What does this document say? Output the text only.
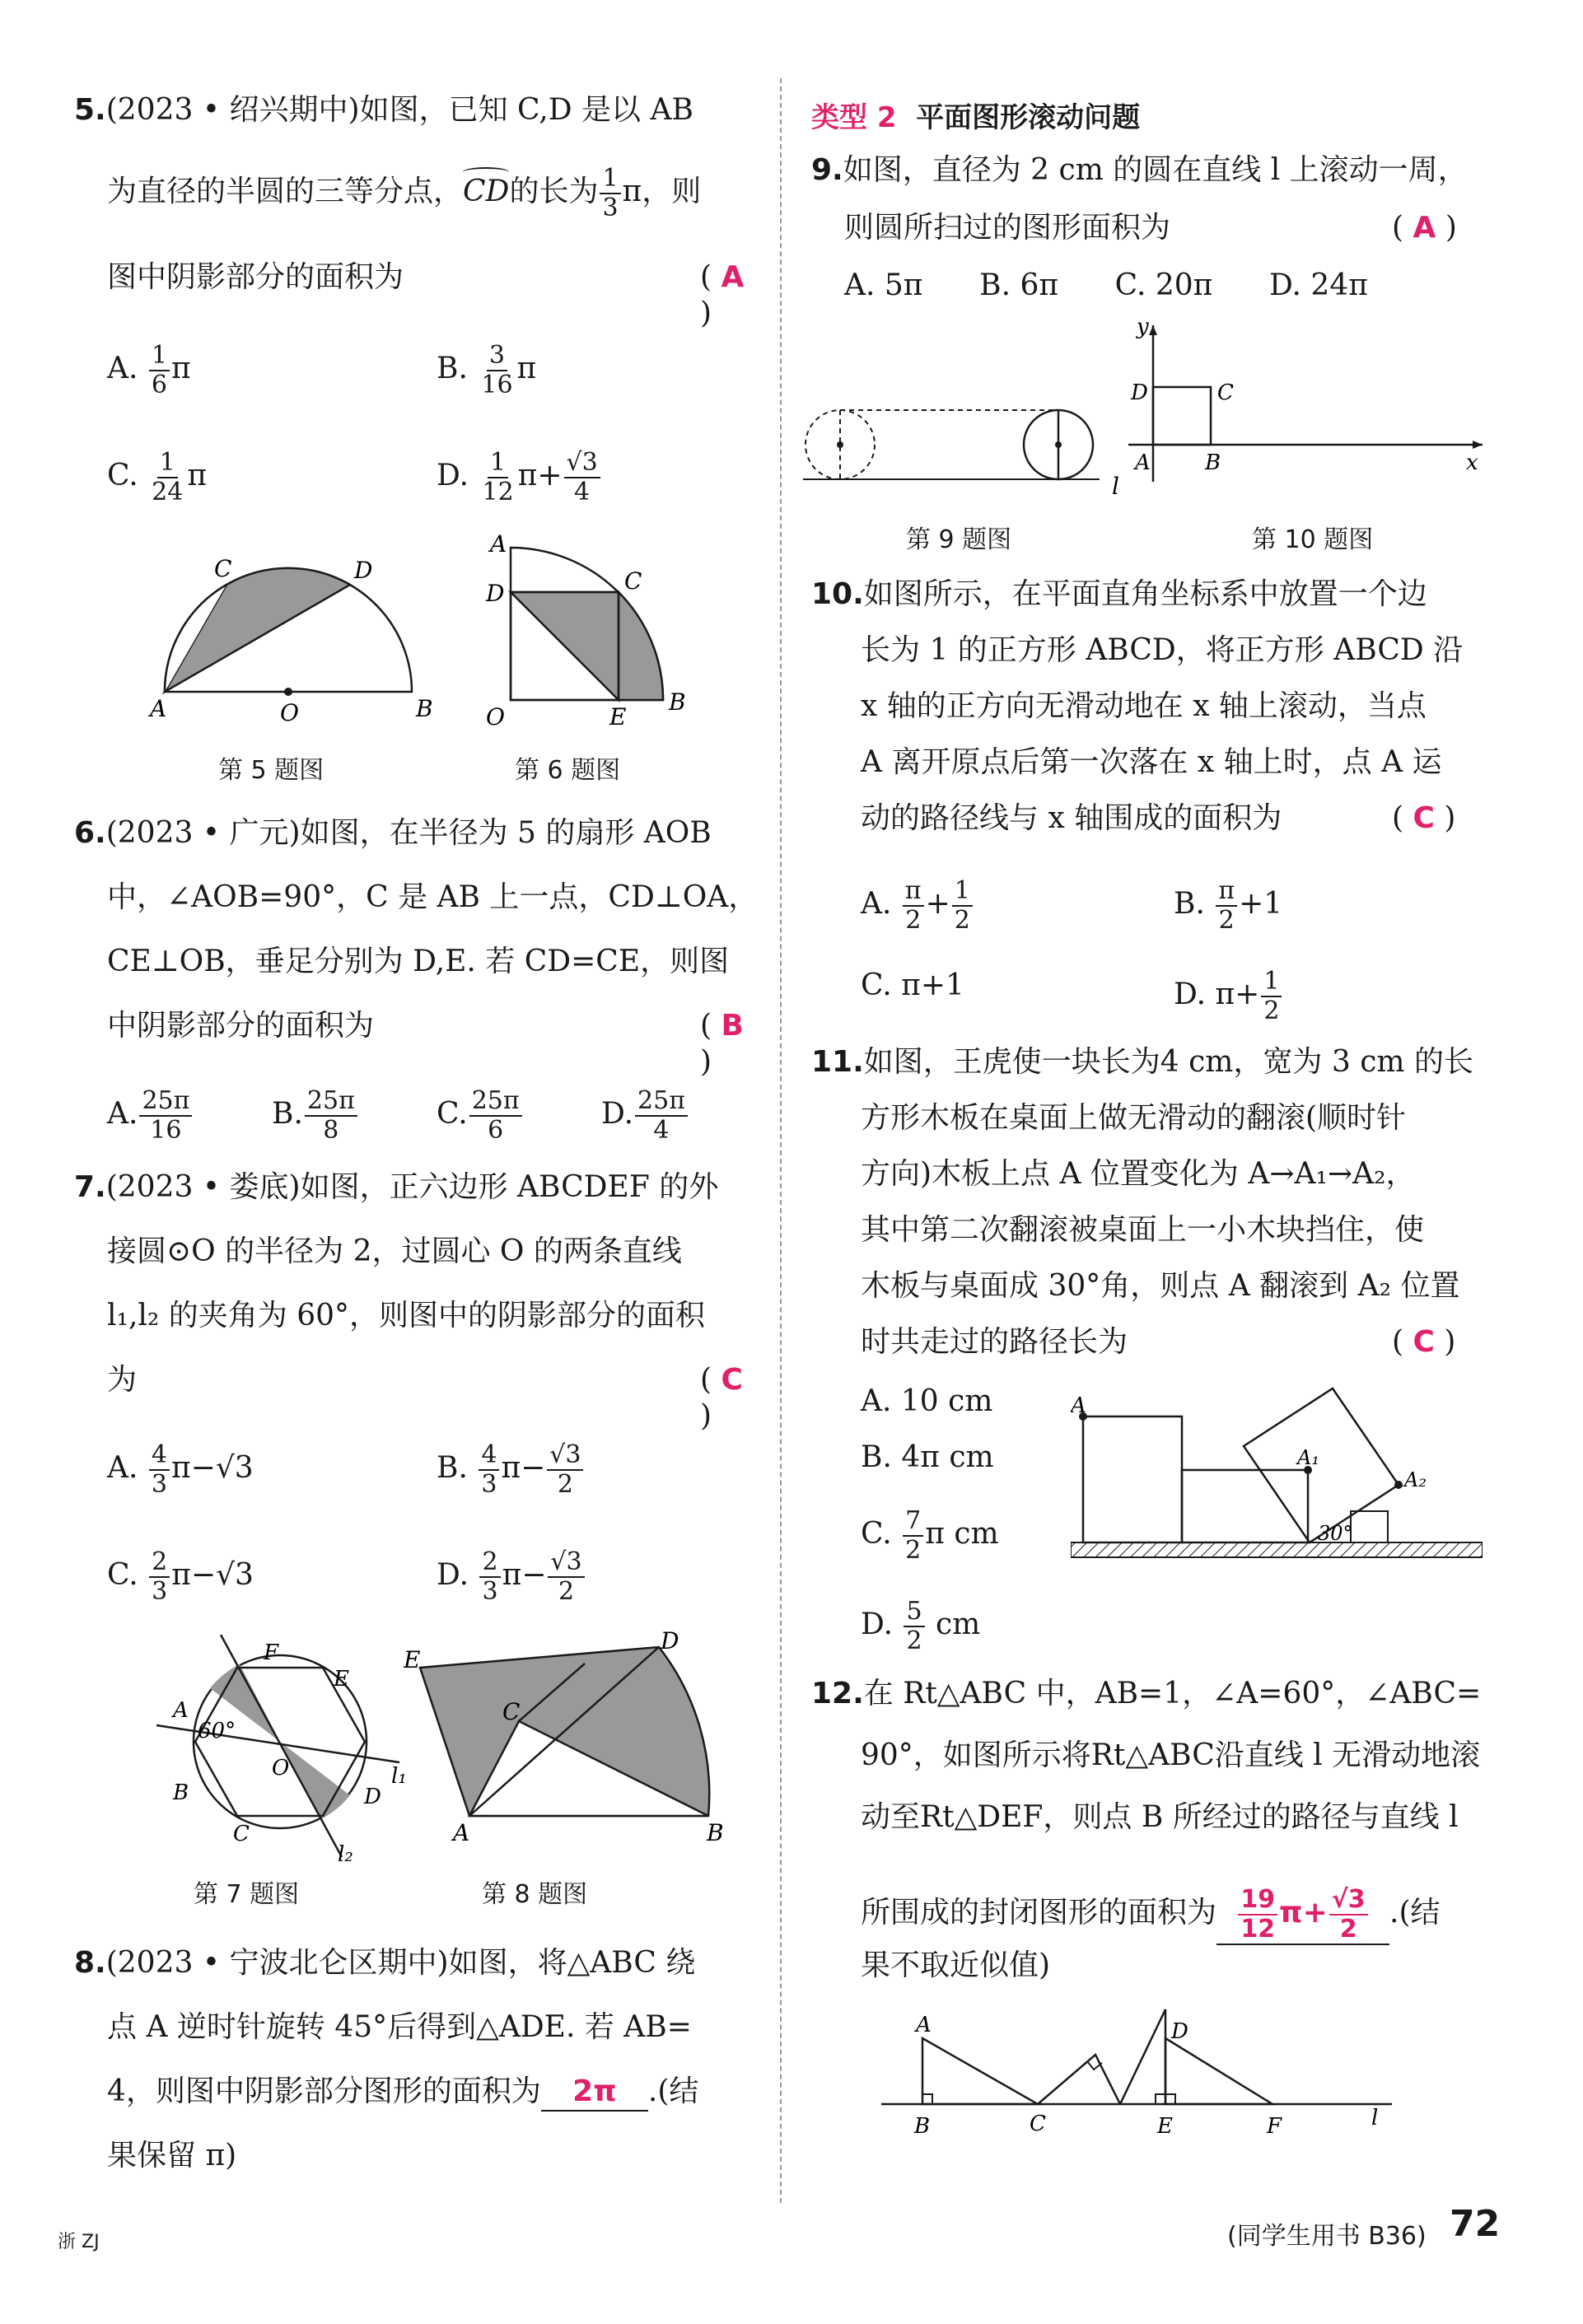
5.(2023 • 绍兴期中)如图，已知 C,D 是以 AB
为直径的半圆的三等分点，
CD的长为 $\frac{1}{3}$ π，则
图中阴影部分的面积为	( A )
A. $\frac{1}{6}$ π	B. $\frac{3}{16}$ π
C. $\frac{1}{24}$ π	D. $\frac{1}{12} \pi+ \frac{√3}{4}$
A	B
C	D
O
第 5 题图
A
D	C
O	E
B
第 6 题图
6.(2023 • 广元)如图，在半径为 5 的扇形 AOB
中，∠AOB=90°，C 是 AB 上一点，CD⊥OA，
CE⊥OB，垂足分别为 D,E. 若 CD=CE，则图
中阴影部分的面积为	( B )
A. $\frac{25\pi}{16}$	B. $\frac{25\pi}{8}$	C. $\frac{25\pi}{6}$	D. $\frac{25\pi}{4}$
7.(2023 • 娄底)如图，正六边形 ABCDEF 的外
接圆⊙O 的半径为 2，过圆心 O 的两条直线
l₁,l₂ 的夹角为 60°，则图中的阴影部分的面积
为	( C )
A. $\frac{4}{3} \pi-√3$	B. $\frac{4}{3} \pi- \frac{√3}{2}$
C. $\frac{2}{3} \pi-√3$	D. $\frac{2}{3} \pi- \frac{√3}{2}$
F
E
A
60°
O
B	D
C
l₁
l₂
第 7 题图
E
D
C
A	B
第 8 题图
8.(2023 • 宁波北仑区期中)如图，将△ABC 绕
点 A 逆时针旋转 45°后得到△ADE. 若 AB=
4，则图中阴影部分图形的面积为 2π .(结
果保留 π)
类型 2 平面图形滚动问题
9.如图，直径为 2 cm 的圆在直线 l 上滚动一周，
则圆所扫过的图形面积为	( A )
A. 5π      B. 6π      C. 20π      D. 24π
l
第 9 题图
y
x
D	C
A	B
第 10 题图
10.如图所示，在平面直角坐标系中放置一个边
长为 1 的正方形 ABCD，将正方形 ABCD 沿
x 轴的正方向无滑动地在 x 轴上滚动，当点
A 离开原点后第一次落在 x 轴上时，点 A 运
动的路径线与 x 轴围成的面积为	( C )
A. $\frac{\pi}{2} + \frac{1}{2}$	B. $\frac{\pi}{2} +1$
C. π+1	D. $\pi+ \frac{1}{2}$
11.如图，王虎使一块长为4 cm，宽为 3 cm 的长
方形木板在桌面上做无滑动的翻滚(顺时针
方向)木板上点 A 位置变化为 A→A₁→A₂，
其中第二次翻滚被桌面上一小木块挡住，使
木板与桌面成 30°角，则点 A 翻滚到 A₂ 位置
时共走过的路径长为	( C )
A. 10 cm
B. 4π cm
C. $\frac{7}{2}$ π cm
D. $\frac{5}{2}$ cm
A
A₁
A₂
30°
12.在 Rt△ABC 中，AB=1，∠A=60°，∠ABC=
90°，如图所示将Rt△ABC沿直线 l 无滑动地滚
动至Rt△DEF，则点 B 所经过的路径与直线 l
所围成的封闭图形的面积为 $\frac{19}{12} \pi+ \frac{√3}{2}$ .(结
果不取近似值)
A
B	C
D
E	F	l
浙 ZJ	(同学生用书 B36) 72
